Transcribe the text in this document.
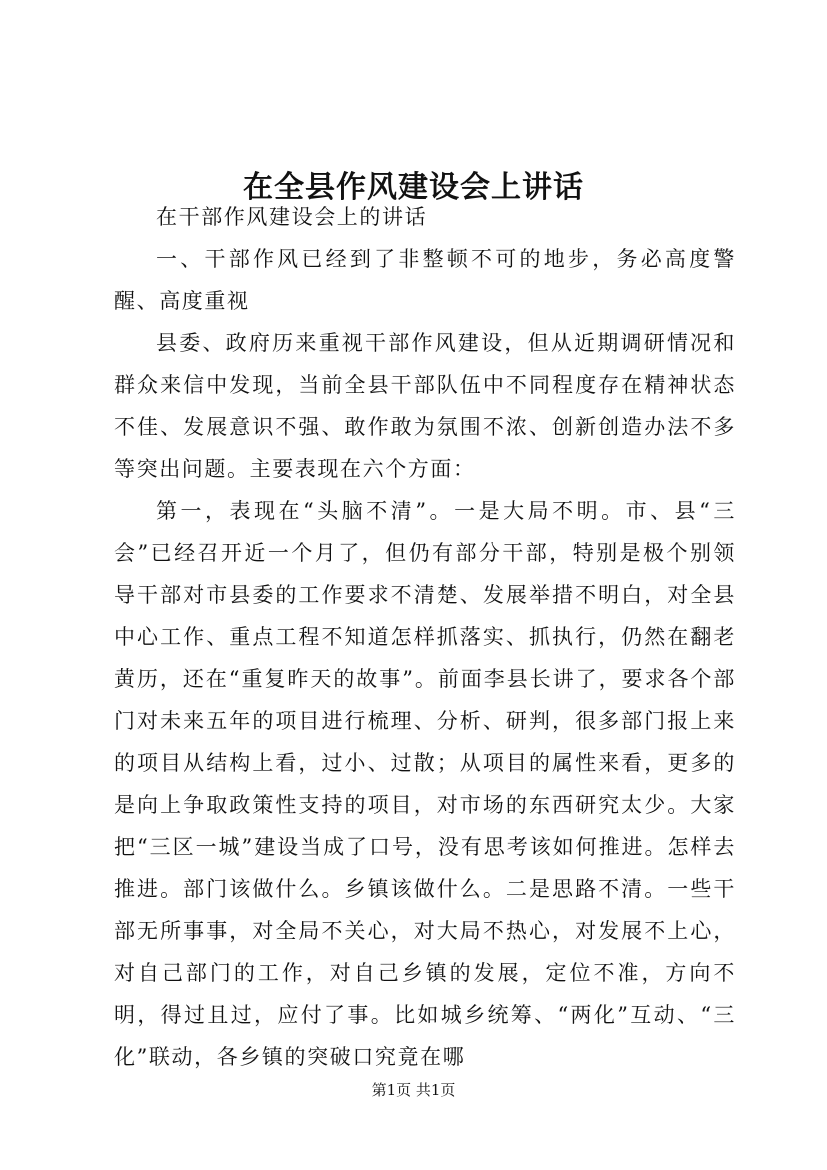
在全县作风建设会上讲话

在干部作风建设会上的讲话

一、干部作风已经到了非整顿不可的地步，务必高度警醒、高度重视

县委、政府历来重视干部作风建设，但从近期调研情况和群众来信中发现，当前全县干部队伍中不同程度存在精神状态不佳、发展意识不强、敢作敢为氛围不浓、创新创造办法不多等突出问题。主要表现在六个方面：

第一，表现在“头脑不清”。一是大局不明。市、县“三会”已经召开近一个月了，但仍有部分干部，特别是极个别领导干部对市县委的工作要求不清楚、发展举措不明白，对全县中心工作、重点工程不知道怎样抓落实、抓执行，仍然在翻老黄历，还在“重复昨天的故事”。前面李县长讲了，要求各个部门对未来五年的项目进行梳理、分析、研判，很多部门报上来的项目从结构上看，过小、过散；从项目的属性来看，更多的是向上争取政策性支持的项目，对市场的东西研究太少。大家把“三区一城”建设当成了口号，没有思考该如何推进。怎样去推进。部门该做什么。乡镇该做什么。二是思路不清。一些干部无所事事，对全局不关心，对大局不热心，对发展不上心，对自己部门的工作，对自己乡镇的发展，定位不准，方向不明，得过且过，应付了事。比如城乡统筹、“两化”互动、“三化”联动，各乡镇的突破口究竟在哪

第1页 共1页
